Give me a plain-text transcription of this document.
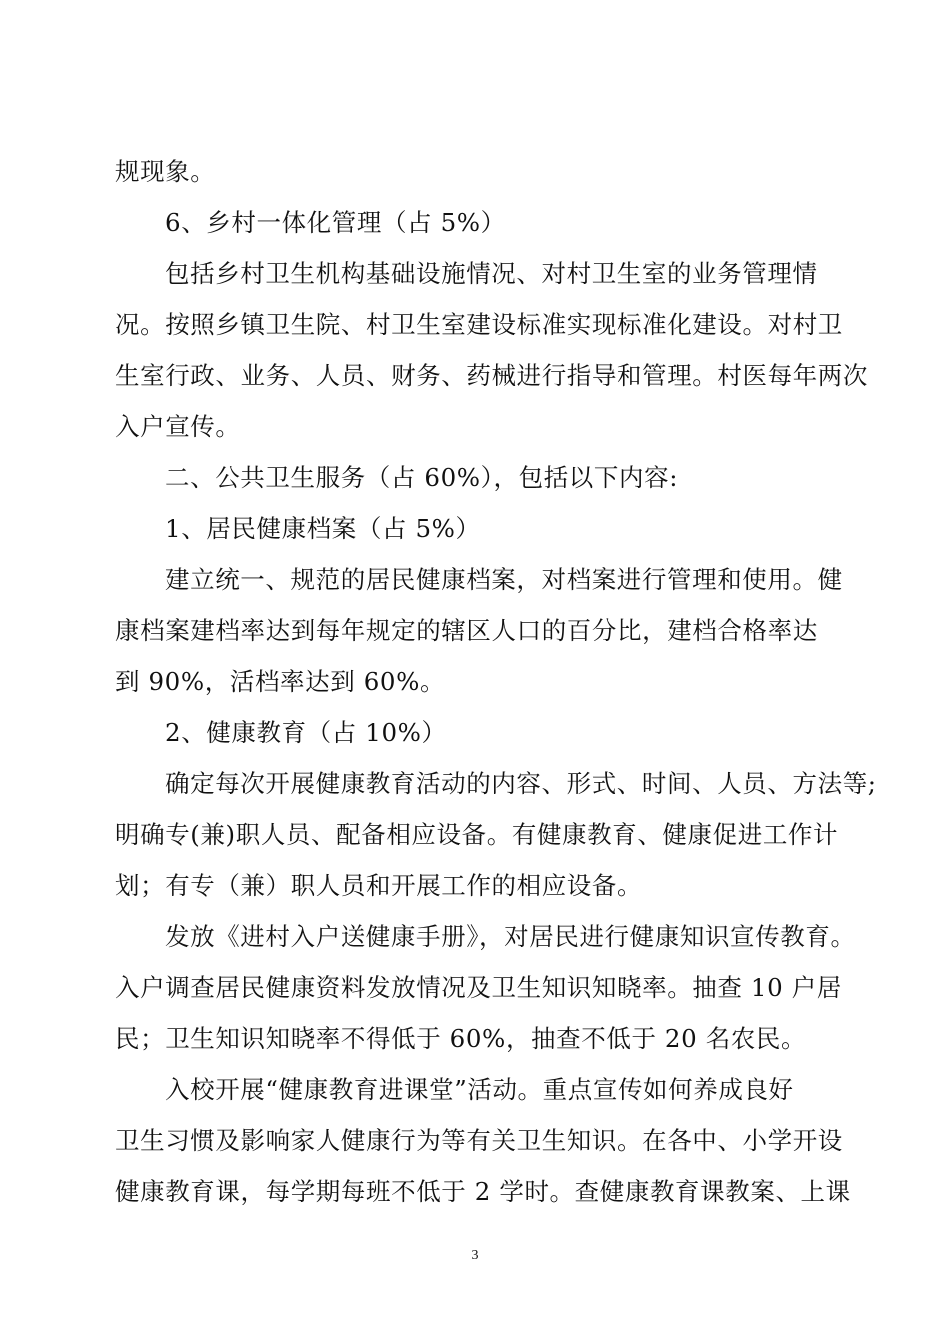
规现象。
6、乡村一体化管理（占 5%）
包括乡村卫生机构基础设施情况、对村卫生室的业务管理情
况。按照乡镇卫生院、村卫生室建设标准实现标准化建设。对村卫
生室行政、业务、人员、财务、药械进行指导和管理。村医每年两次
入户宣传。
二、公共卫生服务（占 60%），包括以下内容:
1、居民健康档案（占 5%）
建立统一、规范的居民健康档案，对档案进行管理和使用。健
康档案建档率达到每年规定的辖区人口的百分比，建档合格率达
到 90%，活档率达到 60%。
2、健康教育（占 10%）
确定每次开展健康教育活动的内容、形式、时间、人员、方法等;
明确专(兼)职人员、配备相应设备。有健康教育、健康促进工作计
划；有专（兼）职人员和开展工作的相应设备。
发放《进村入户送健康手册》，对居民进行健康知识宣传教育。
入户调查居民健康资料发放情况及卫生知识知晓率。抽查 10 户居
民；卫生知识知晓率不得低于 60%，抽查不低于 20 名农民。
入校开展“健康教育进课堂”活动。重点宣传如何养成良好
卫生习惯及影响家人健康行为等有关卫生知识。在各中、小学开设
健康教育课，每学期每班不低于 2 学时。查健康教育课教案、上课
3
